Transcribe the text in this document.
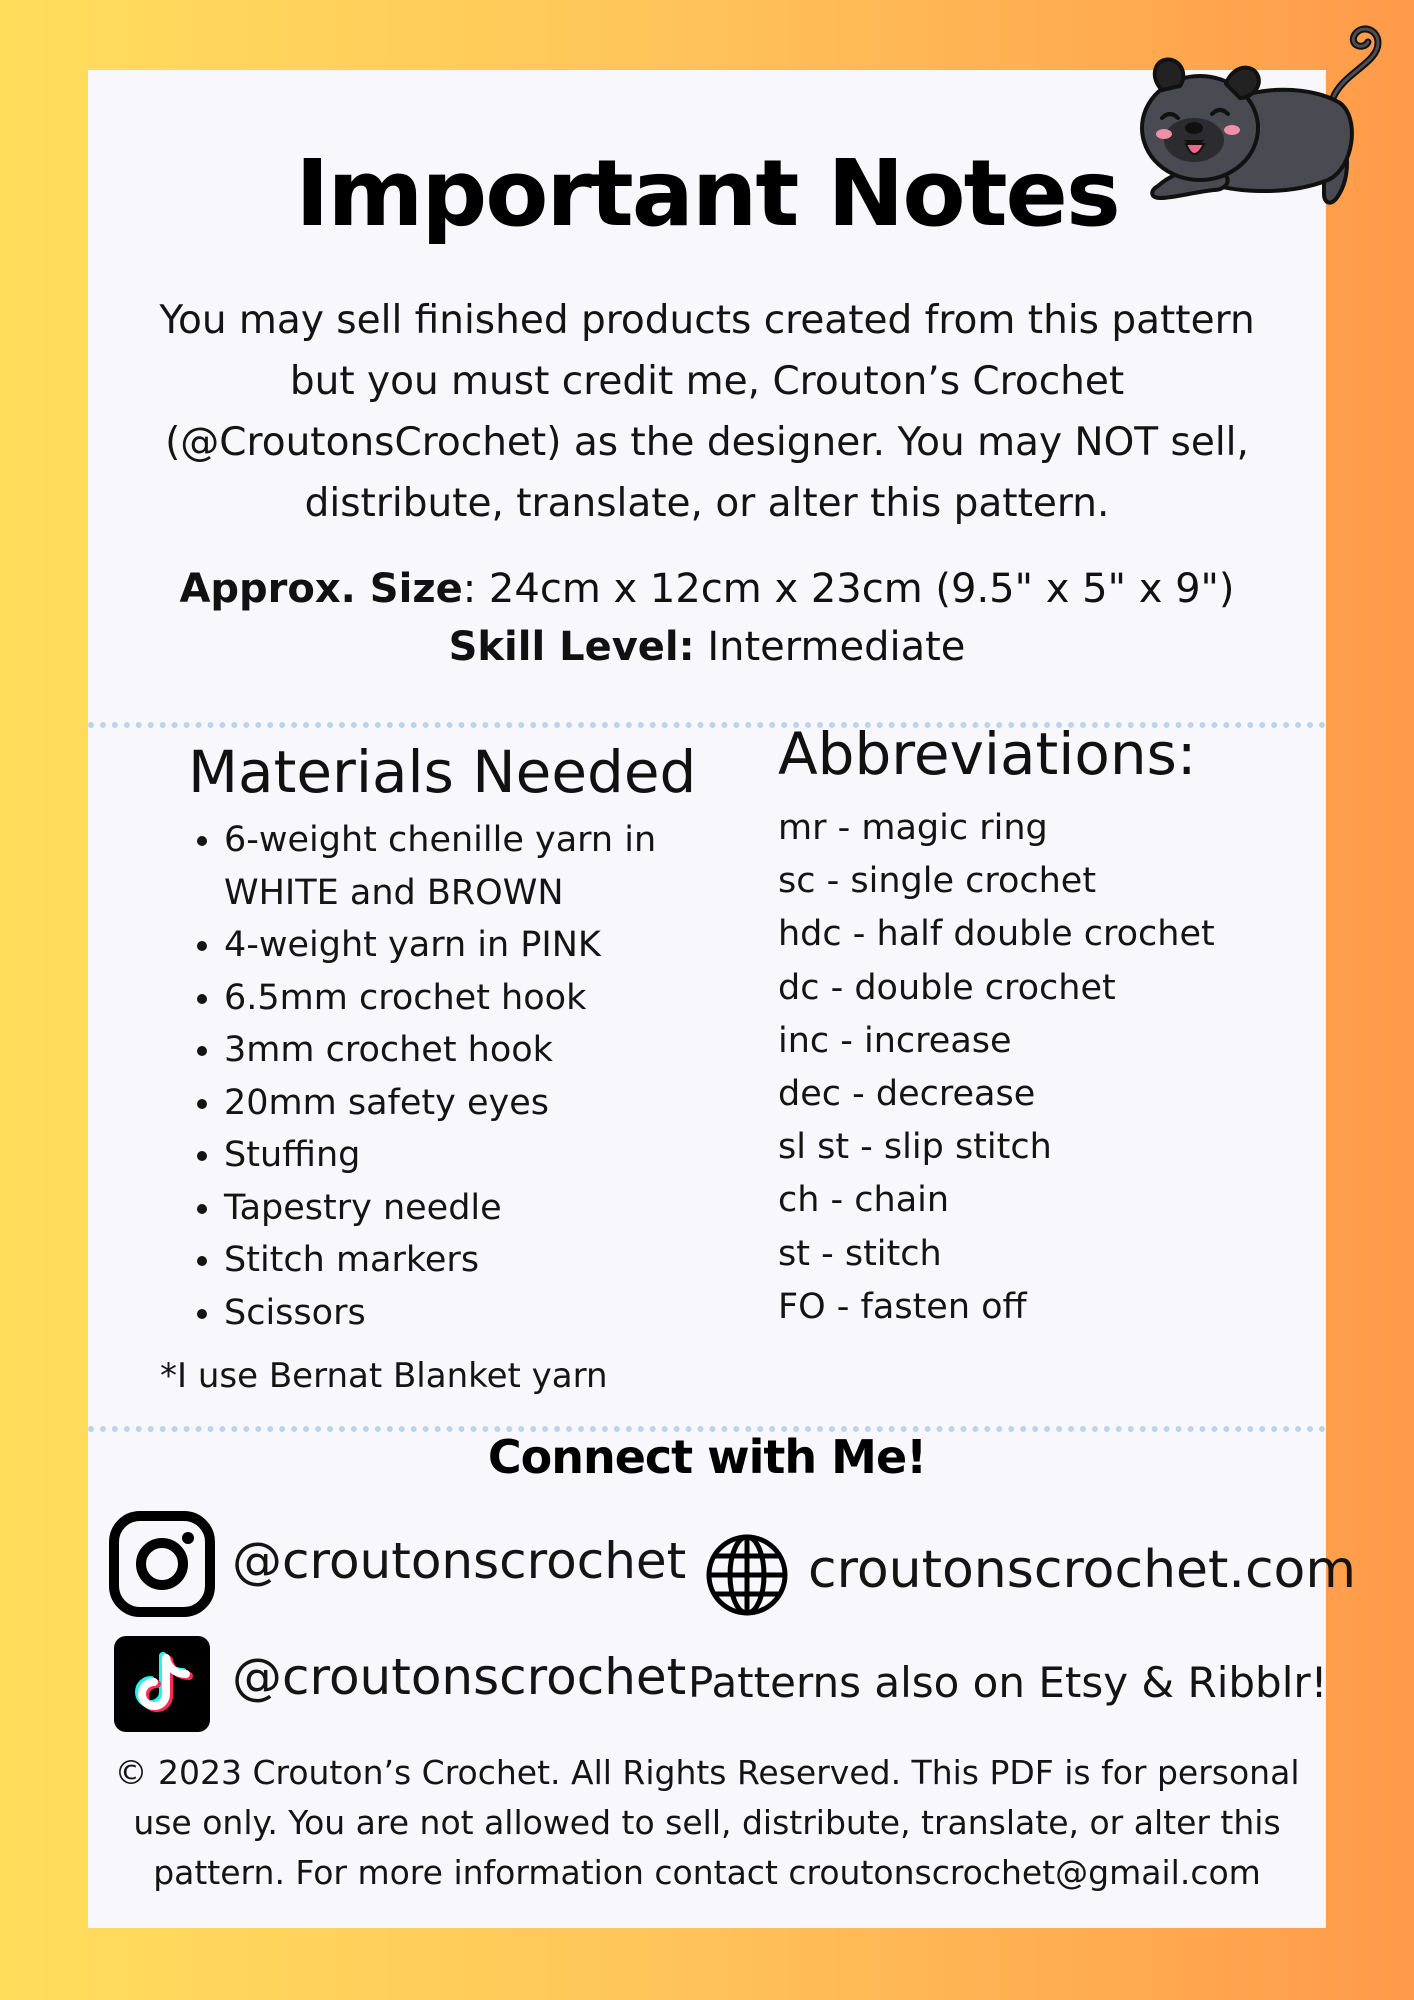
Important Notes

You may sell finished products created from this pattern but you must credit me, Crouton’s Crochet (@CroutonsCrochet) as the designer. You may NOT sell, distribute, translate, or alter this pattern.

Approx. Size: 24cm x 12cm x 23cm (9.5" x 5" x 9")

Skill Level: Intermediate

Materials Needed
• 6-weight chenille yarn in WHITE and BROWN
• 4-weight yarn in PINK
• 6.5mm crochet hook
• 3mm crochet hook
• 20mm safety eyes
• Stuffing
• Tapestry needle
• Stitch markers
• Scissors
*I use Bernat Blanket yarn
Abbreviations:
mr - magic ring
sc - single crochet
hdc - half double crochet
dc - double crochet
inc - increase
dec - decrease
sl st - slip stitch
ch - chain
st - stitch
FO - fasten off
Connect with Me!
@croutonscrochet croutonscrochet.com
@croutonscrochet Patterns also on Etsy & Ribblr!

© 2023 Crouton’s Crochet. All Rights Reserved. This PDF is for personal use only. You are not allowed to sell, distribute, translate, or alter this pattern. For more information contact croutonscrochet@gmail.com
